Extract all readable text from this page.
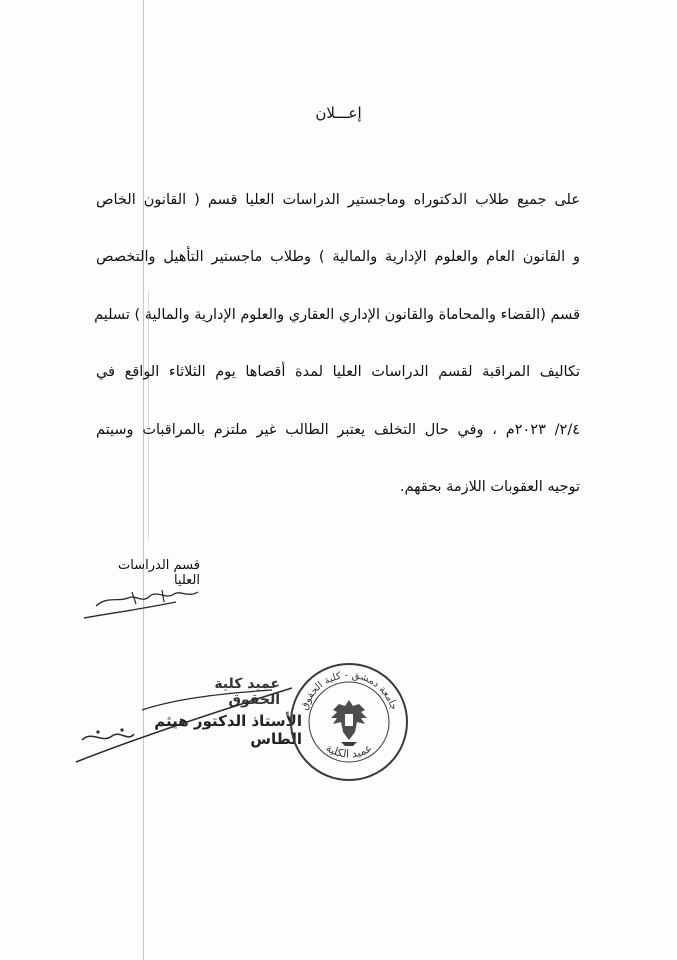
إعـــلان
على جميع طلاب الدكتوراه وماجستير الدراسات العليا قسم ( القانون الخاص
و القانون العام والعلوم الإدارية والمالية ) وطلاب ماجستير التأهيل والتخصص
قسم (القضاء والمحاماة والقانون الإداري العقاري والعلوم الإدارية والمالية ) تسليم
تكاليف المراقبة لقسم الدراسات العليا لمدة أقصاها يوم الثلاثاء الواقع في
٢/٤/ ٢٠٢٣م ، وفي حال التخلف يعتبر الطالب غير ملتزم بالمراقبات وسيتم
توجيه العقوبات اللازمة بحقهم.
قسم الدراسات العليا
عميد كلية الحقوق
الأستاذ الدكتور هيثم الطاس
جامعة دمشق - كلية الحقوق
عميد الكلية
